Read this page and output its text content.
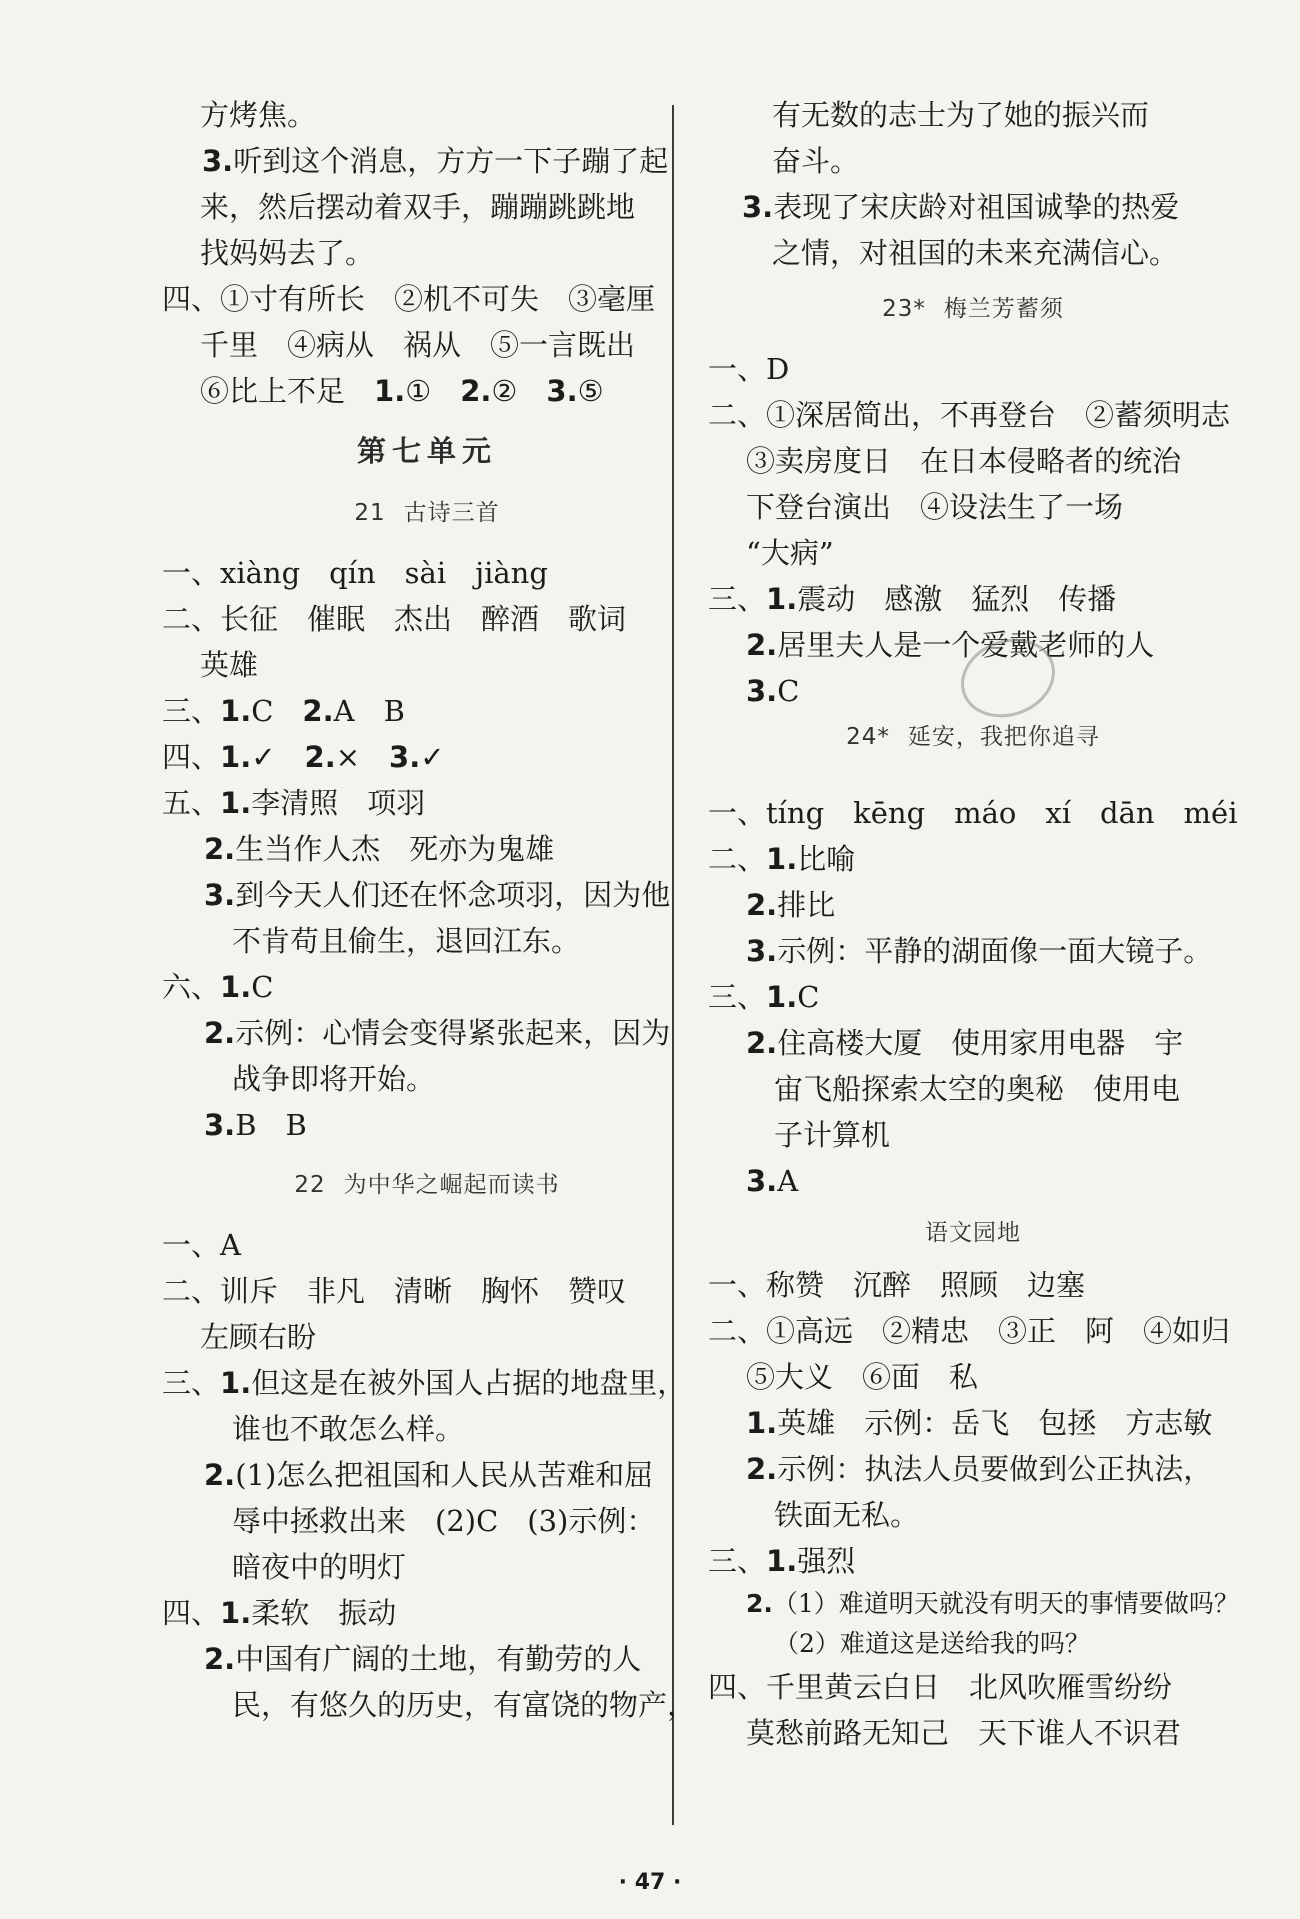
方烤焦。
3.听到这个消息，方方一下子蹦了起
来，然后摆动着双手，蹦蹦跳跳地
找妈妈去了。
四、①寸有所长　②机不可失　③毫厘
千里　④病从　祸从　⑤一言既出
⑥比上不足　1.①　2.②　3.⑤
第七单元
21 古诗三首
一、xiàng　qín　sài　jiàng
二、长征　催眠　杰出　醉酒　歌词
英雄
三、1.C　2.A　B
四、1.✓　2.×　3.✓
五、1.李清照　项羽
2.生当作人杰　死亦为鬼雄
3.到今天人们还在怀念项羽，因为他
不肯苟且偷生，退回江东。
六、1.C
2.示例：心情会变得紧张起来，因为
战争即将开始。
3.B　B
22 为中华之崛起而读书
一、A
二、训斥　非凡　清晰　胸怀　赞叹
左顾右盼
三、1.但这是在被外国人占据的地盘里，
谁也不敢怎么样。
2.(1)怎么把祖国和人民从苦难和屈
辱中拯救出来　(2)C　(3)示例：
暗夜中的明灯
四、1.柔软　振动
2.中国有广阔的土地，有勤劳的人
民，有悠久的历史，有富饶的物产，
有无数的志士为了她的振兴而
奋斗。
3.表现了宋庆龄对祖国诚挚的热爱
之情，对祖国的未来充满信心。
23* 梅兰芳蓄须
一、D
二、①深居简出，不再登台　②蓄须明志
③卖房度日　在日本侵略者的统治
下登台演出　④设法生了一场
“大病”
三、1.震动　感激　猛烈　传播
2.居里夫人是一个爱戴老师的人
3.C
24* 延安，我把你追寻
一、tíng　kēng　máo　xí　dān　méi
二、1.比喻
2.排比
3.示例：平静的湖面像一面大镜子。
三、1.C
2.住高楼大厦　使用家用电器　宇
宙飞船探索太空的奥秘　使用电
子计算机
3.A
语文园地
一、称赞　沉醉　照顾　边塞
二、①高远　②精忠　③正　阿　④如归
⑤大义　⑥面　私
1.英雄　示例：岳飞　包拯　方志敏
2.示例：执法人员要做到公正执法，
铁面无私。
三、1.强烈
2.（1）难道明天就没有明天的事情要做吗？
（2）难道这是送给我的吗？
四、千里黄云白日　北风吹雁雪纷纷
莫愁前路无知己　天下谁人不识君
· 47 ·
